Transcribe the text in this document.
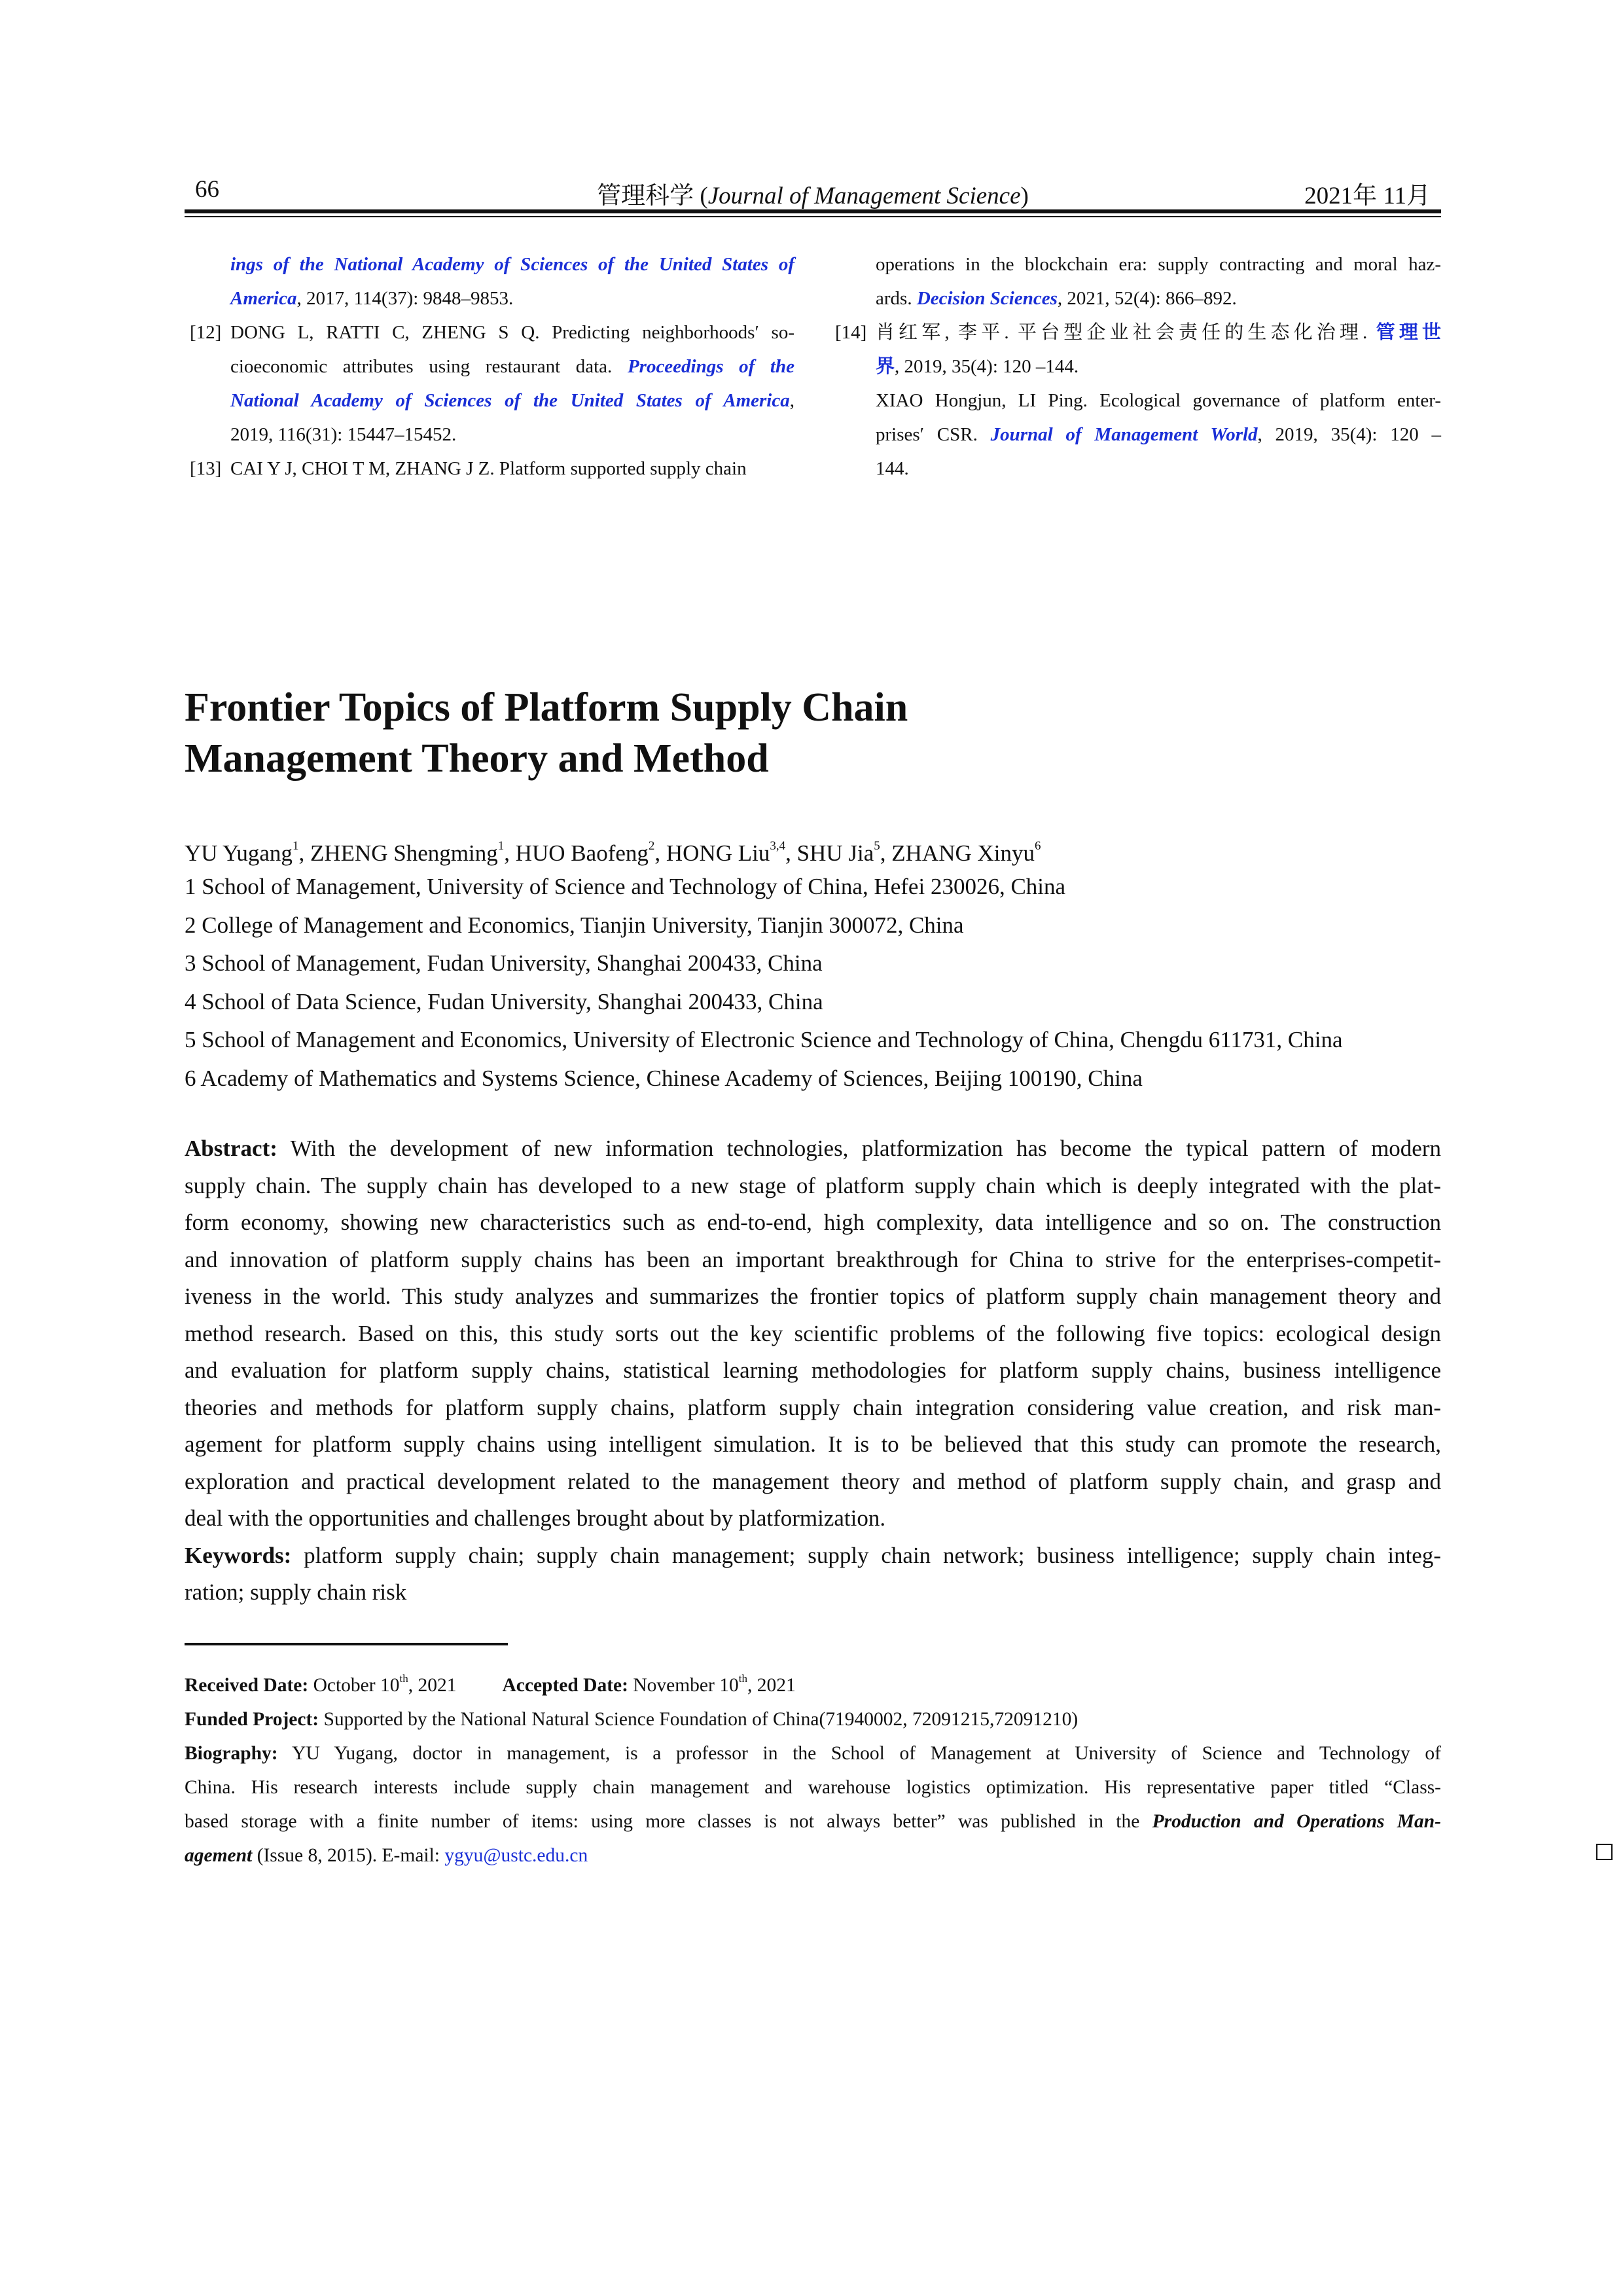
66	管理科学 (Journal of Management Science)	2021年 11月
ings of the National Academy of Sciences of the United States of
America, 2017, 114(37): 9848–9853.
[12] DONG L, RATTI C, ZHENG S Q. Predicting neighborhoods′ so-
cioeconomic attributes using restaurant data. Proceedings of the
National Academy of Sciences of the United States of America,
2019, 116(31): 15447–15452.
[13] CAI Y J, CHOI T M, ZHANG J Z. Platform supported supply chain
operations in the blockchain era: supply contracting and moral haz-
ards. Decision Sciences, 2021, 52(4): 866–892.
[14] 肖红军, 李平. 平台型企业社会责任的生态化治理. 管理世
界, 2019, 35(4): 120 –144.
XIAO Hongjun, LI Ping. Ecological governance of platform enter-
prises′ CSR. Journal of Management World, 2019, 35(4): 120 –
144.
Frontier Topics of Platform Supply Chain
Management Theory and Method
YU Yugang$^1$, ZHENG Shengming$^1$, HUO Baofeng$^2$, HONG Liu$^{3,4}$, SHU Jia$^5$, ZHANG Xinyu$^6$
1 School of Management, University of Science and Technology of China, Hefei 230026, China
2 College of Management and Economics, Tianjin University, Tianjin 300072, China
3 School of Management, Fudan University, Shanghai 200433, China
4 School of Data Science, Fudan University, Shanghai 200433, China
5 School of Management and Economics, University of Electronic Science and Technology of China, Chengdu 611731, China
6 Academy of Mathematics and Systems Science, Chinese Academy of Sciences, Beijing 100190, China
Abstract: With the development of new information technologies, platformization has become the typical pattern of modern
supply chain. The supply chain has developed to a new stage of platform supply chain which is deeply integrated with the plat-
form economy, showing new characteristics such as end-to-end, high complexity, data intelligence and so on. The construction
and innovation of platform supply chains has been an important breakthrough for China to strive for the enterprises-competit-
iveness in the world. This study analyzes and summarizes the frontier topics of platform supply chain management theory and
method research. Based on this, this study sorts out the key scientific problems of the following five topics: ecological design
and evaluation for platform supply chains, statistical learning methodologies for platform supply chains, business intelligence
theories and methods for platform supply chains, platform supply chain integration considering value creation, and risk man-
agement for platform supply chains using intelligent simulation. It is to be believed that this study can promote the research,
exploration and practical development related to the management theory and method of platform supply chain, and grasp and
deal with the opportunities and challenges brought about by platformization.
Keywords: platform supply chain; supply chain management; supply chain network; business intelligence; supply chain integ-
ration; supply chain risk
Received Date: October 10th, 2021 Accepted Date: November 10th, 2021
Funded Project: Supported by the National Natural Science Foundation of China(71940002, 72091215,72091210)
Biography: YU Yugang, doctor in management, is a professor in the School of Management at University of Science and Technology of
China. His research interests include supply chain management and warehouse logistics optimization. His representative paper titled “Class-
based storage with a finite number of items: using more classes is not always better” was published in the Production and Operations Man-
agement (Issue 8, 2015). E-mail: ygyu@ustc.edu.cn
